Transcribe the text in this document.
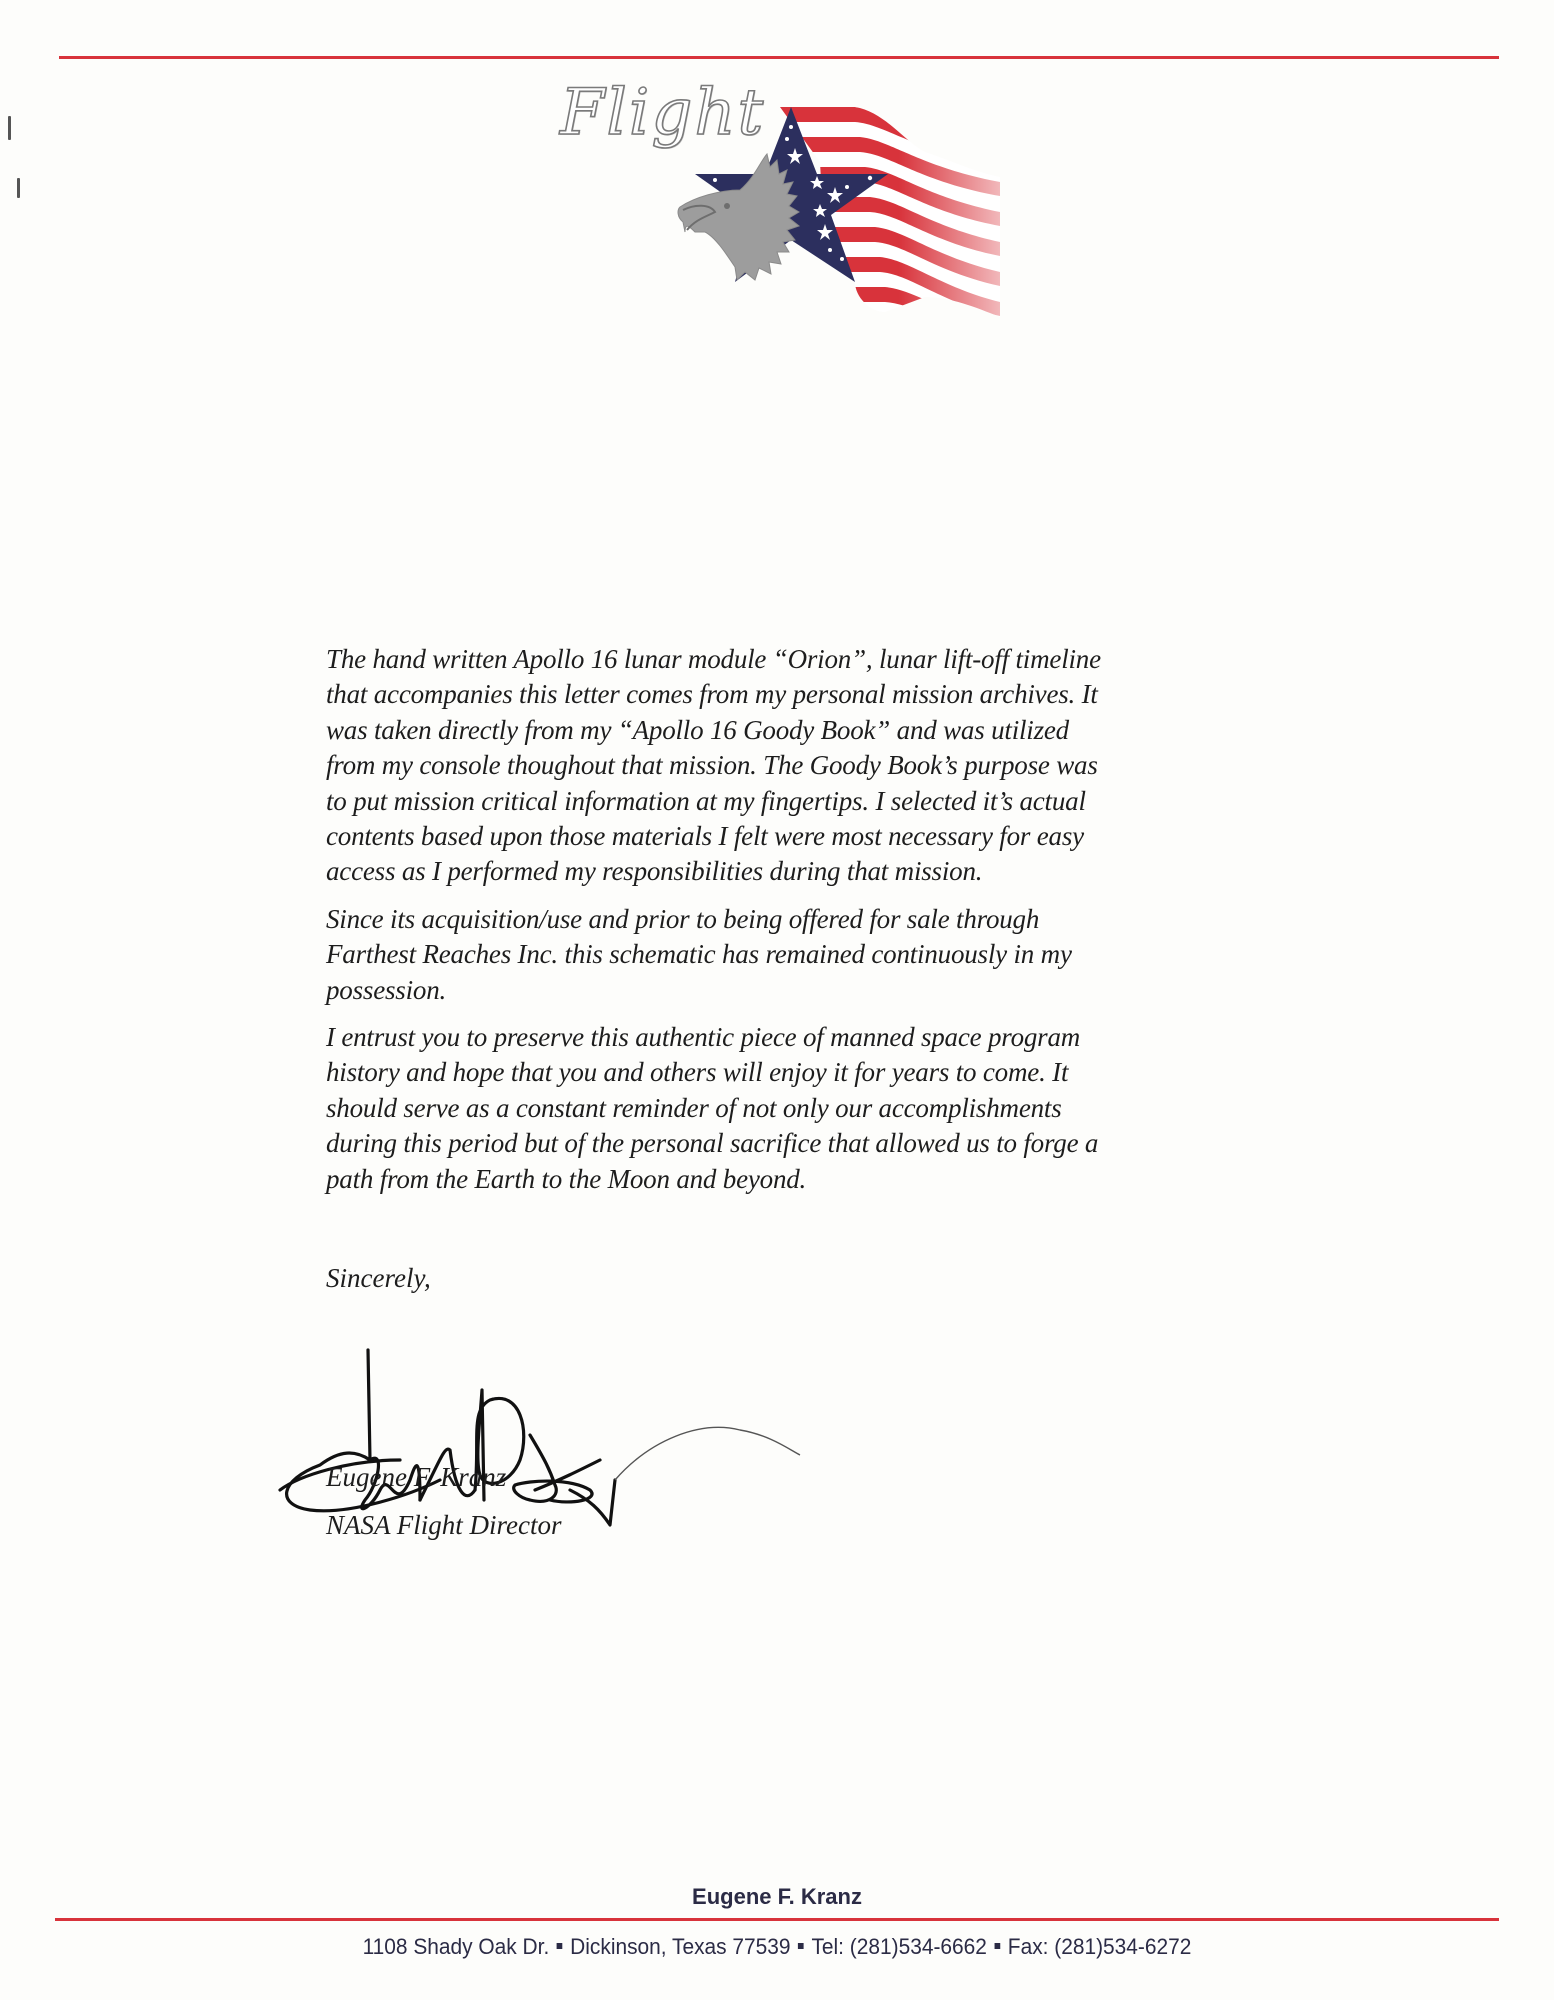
Flight

The hand written Apollo 16 lunar module “Orion”, lunar lift-off timeline
that accompanies this letter comes from my personal mission archives. It
was taken directly from my “Apollo 16 Goody Book” and was utilized
from my console thoughout that mission. The Goody Book’s purpose was
to put mission critical information at my fingertips. I selected it’s actual
contents based upon those materials I felt were most necessary for easy
access as I performed my responsibilities during that mission.

Since its acquisition/use and prior to being offered for sale through
Farthest Reaches Inc. this schematic has remained continuously in my
possession.

I entrust you to preserve this authentic piece of manned space program
history and hope that you and others will enjoy it for years to come. It
should serve as a constant reminder of not only our accomplishments
during this period but of the personal sacrifice that allowed us to forge a
path from the Earth to the Moon and beyond.

Sincerely,
Eugene F. Kranz
NASA Flight Director
Eugene F. Kranz
1108 Shady Oak Dr. Dickinson, Texas 77539 Tel: (281)534-6662 Fax: (281)534-6272
